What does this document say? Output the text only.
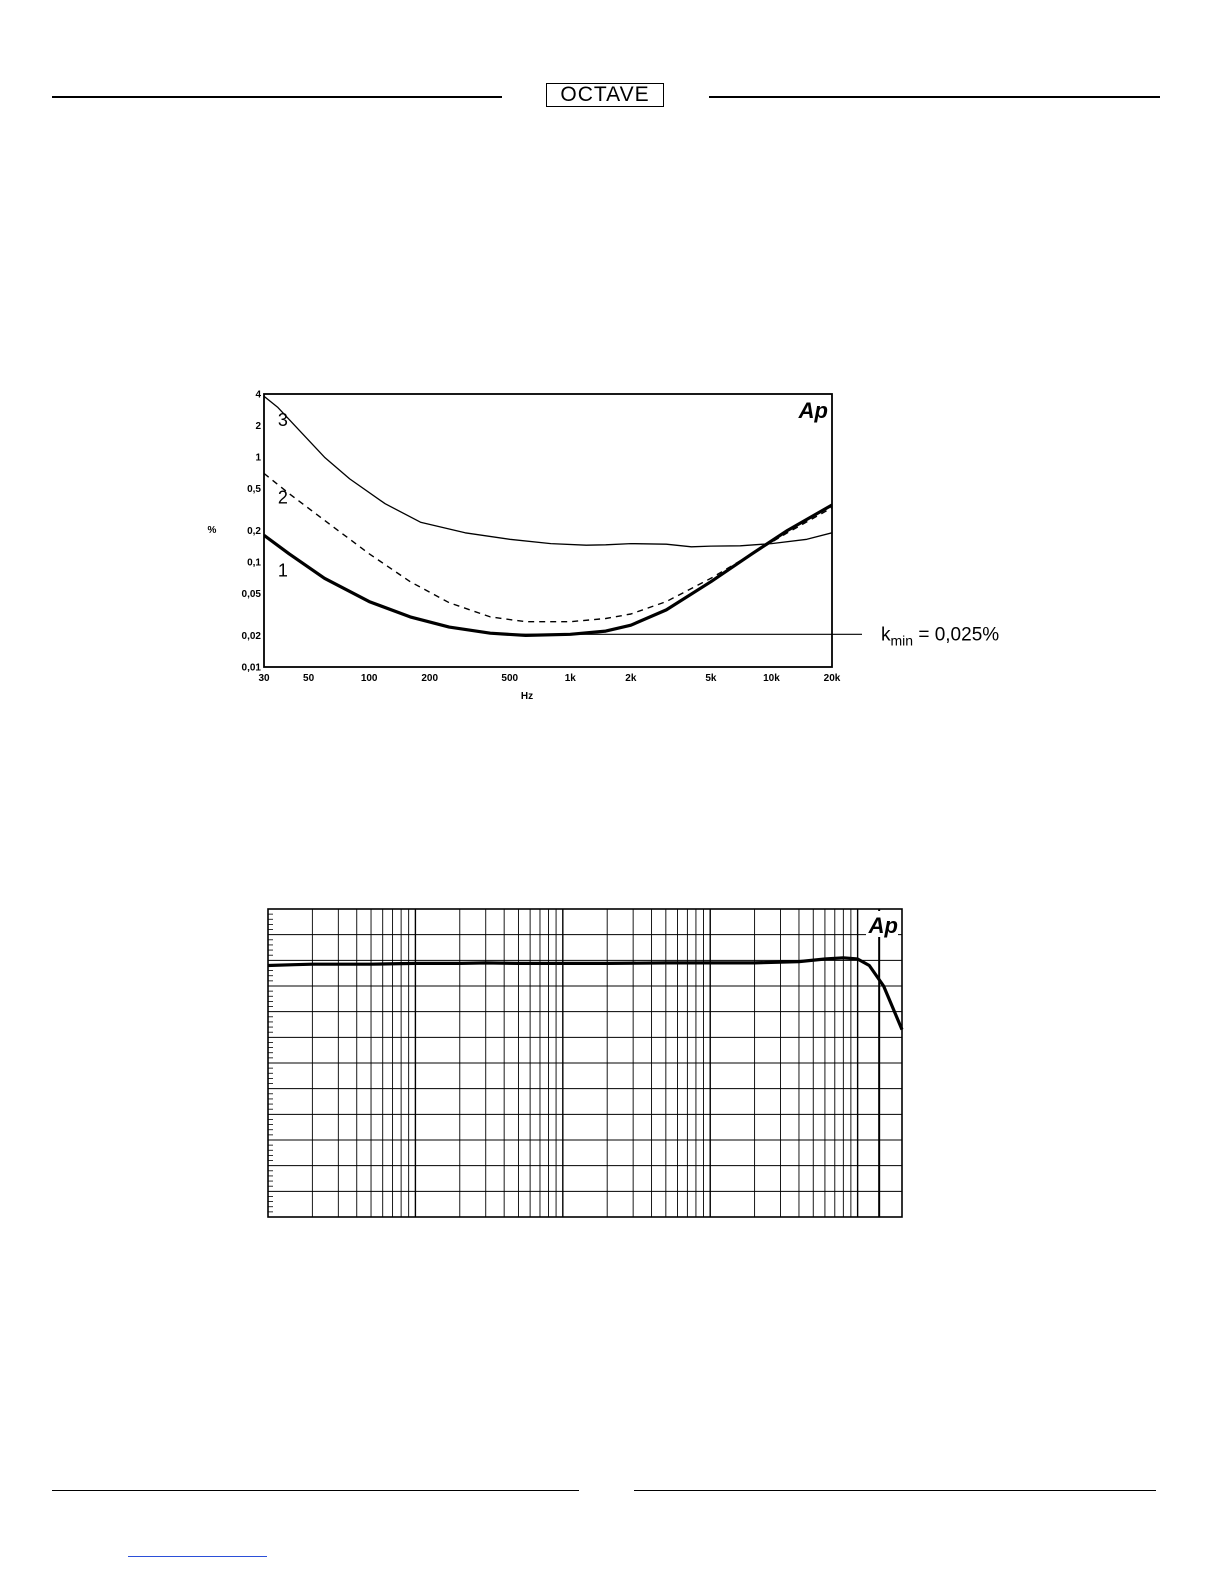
OCTAVE
4
2
1
0,5
0,2
0,1
0,05
0,02
0,01
30	50	100	200	500	1k	2k	5k	10k	20k
%
Hz
3
2
1
Ap
$k_{min} = 0,025\%$
Ap
